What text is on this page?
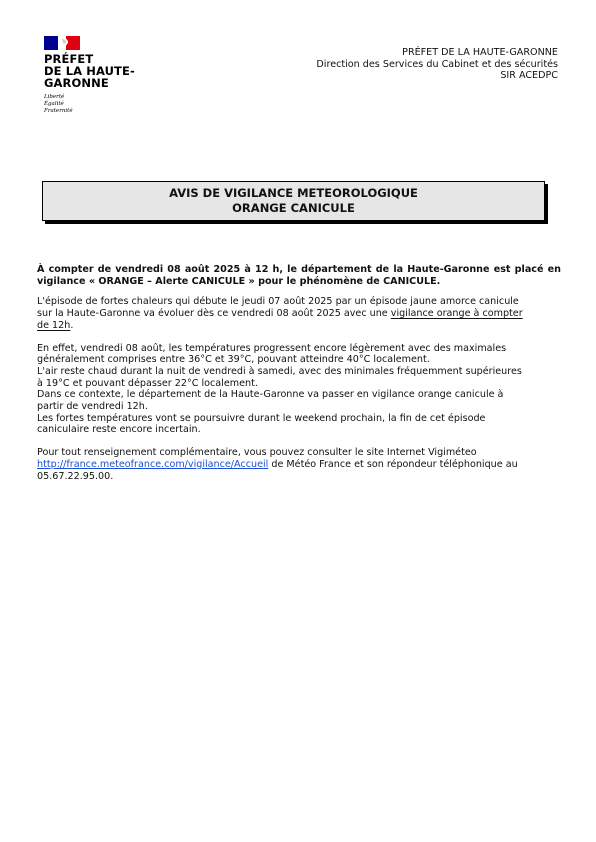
PRÉFET
DE LA HAUTE-
GARONNE
Liberté
Égalité
Fraternité
PRÉFET DE LA HAUTE-GARONNE
Direction des Services du Cabinet et des sécurités
SIR ACEDPC
AVIS DE VIGILANCE METEOROLOGIQUE
ORANGE CANICULE

À compter de vendredi 08 août 2025 à 12 h, le département de la Haute-Garonne est placé en vigilance « ORANGE – Alerte CANICULE » pour le phénomène de CANICULE.

L'épisode de fortes chaleurs qui débute le jeudi 07 août 2025 par un épisode jaune amorce canicule
sur la Haute-Garonne va évoluer dès ce vendredi 08 août 2025 avec une vigilance orange à compter
de 12h.
En effet, vendredi 08 août, les températures progressent encore légèrement avec des maximales
généralement comprises entre 36°C et 39°C, pouvant atteindre 40°C localement.
L'air reste chaud durant la nuit de vendredi à samedi, avec des minimales fréquemment supérieures
à 19°C et pouvant dépasser 22°C localement.
Dans ce contexte, le département de la Haute-Garonne va passer en vigilance orange canicule à
partir de vendredi 12h.
Les fortes températures vont se poursuivre durant le weekend prochain, la fin de cet épisode
caniculaire reste encore incertain.
Pour tout renseignement complémentaire, vous pouvez consulter le site Internet Vigiméteo
http://france.meteofrance.com/vigilance/Accueil de Météo France et son répondeur téléphonique au
05.67.22.95.00.
